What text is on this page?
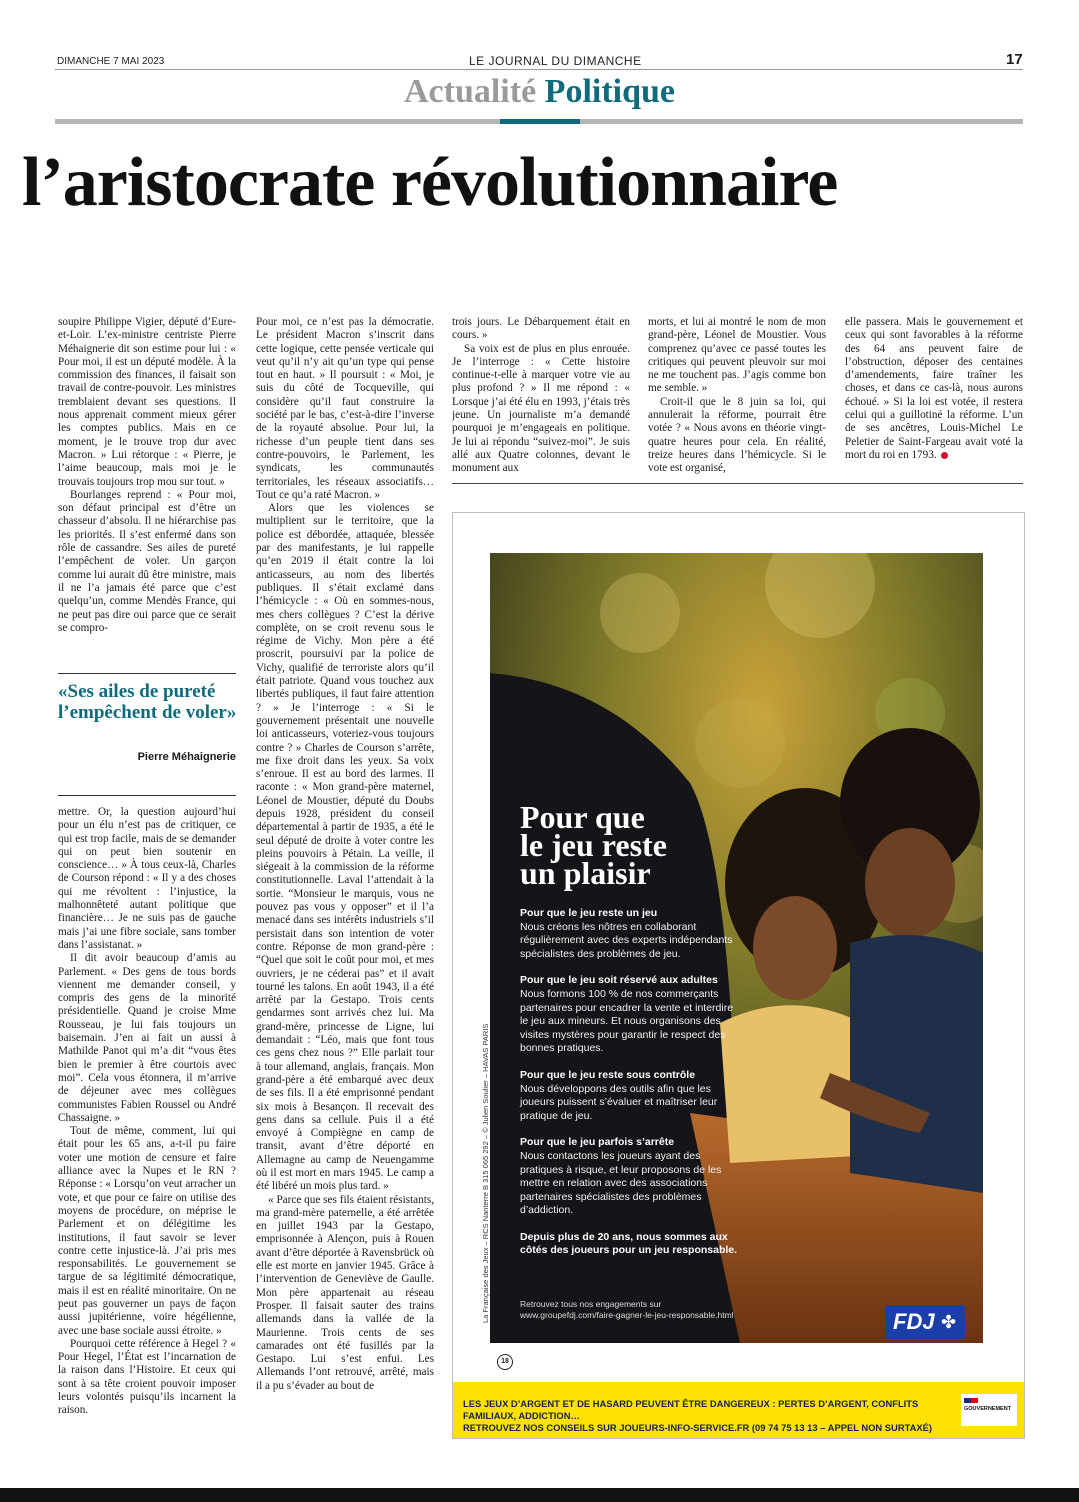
DIMANCHE 7 MAI 2023	LE JOURNAL DU DIMANCHE	17
Actualité Politique
l’aristocrate révolutionnaire

soupire Philippe Vigier, député d’Eure-et-Loir. L’ex-ministre centriste Pierre Méhaignerie dit son estime pour lui : « Pour moi, il est un député modèle. À la commission des finances, il faisait son travail de contre-pouvoir. Les ministres tremblaient devant ses questions. Il nous apprenait comment mieux gérer les comptes publics. Mais en ce moment, je le trouve trop dur avec Macron. » Lui rétorque : « Pierre, je l’aime beaucoup, mais moi je le trouvais toujours trop mou sur tout. »

Bourlanges reprend : « Pour moi, son défaut principal est d’être un chasseur d’absolu. Il ne hiérarchise pas les priorités. Il s’est enfermé dans son rôle de cassandre. Ses ailes de pureté l’empêchent de voler. Un garçon comme lui aurait dû être ministre, mais il ne l’a jamais été parce que c’est quelqu’un, comme Mendès France, qui ne peut pas dire oui parce que ce serait se compro-

«Ses ailes de pureté l’empêchent de voler»
Pierre Méhaignerie

mettre. Or, la question aujourd’hui pour un élu n’est pas de critiquer, ce qui est trop facile, mais de se demander qui on peut bien soutenir en conscience… » À tous ceux-là, Charles de Courson répond : « Il y a des choses qui me révoltent : l’injustice, la malhonnêteté autant politique que financière… Je ne suis pas de gauche mais j’ai une fibre sociale, sans tomber dans l’assistanat. »

Il dit avoir beaucoup d’amis au Parlement. « Des gens de tous bords viennent me demander conseil, y compris des gens de la minorité présidentielle. Quand je croise Mme Rousseau, je lui fais toujours un baisemain. J’en ai fait un aussi à Mathilde Panot qui m’a dit “vous êtes bien le premier à être courtois avec moi”. Cela vous étonnera, il m’arrive de déjeuner avec mes collègues communistes Fabien Roussel ou André Chassaigne. »

Tout de même, comment, lui qui était pour les 65 ans, a-t-il pu faire voter une motion de censure et faire alliance avec la Nupes et le RN ? Réponse : « Lorsqu’on veut arracher un vote, et que pour ce faire on utilise des moyens de procédure, on méprise le Parlement et on délégitime les institutions, il faut savoir se lever contre cette injustice-là. J’ai pris mes responsabilités. Le gouvernement se targue de sa légitimité démocratique, mais il est en réalité minoritaire. On ne peut pas gouverner un pays de façon aussi jupitérienne, voire hégélienne, avec une base sociale aussi étroite. »

Pourquoi cette référence à Hegel ? « Pour Hegel, l’État est l’incarnation de la raison dans l’Histoire. Et ceux qui sont à sa tête croient pouvoir imposer leurs volontés puisqu’ils incarnent la raison.

Pour moi, ce n’est pas la démocratie. Le président Macron s’inscrit dans cette logique, cette pensée verticale qui veut qu’il n’y ait qu’un type qui pense tout en haut. » Il poursuit : « Moi, je suis du côté de Tocqueville, qui considère qu’il faut construire la société par le bas, c’est-à-dire l’inverse de la royauté absolue. Pour lui, la richesse d’un peuple tient dans ses contre-pouvoirs, le Parlement, les syndicats, les communautés territoriales, les réseaux associatifs… Tout ce qu’a raté Macron. »

Alors que les violences se multiplient sur le territoire, que la police est débordée, attaquée, blessée par des manifestants, je lui rappelle qu’en 2019 il était contre la loi anticasseurs, au nom des libertés publiques. Il s’était exclamé dans l’hémicycle : « Où en sommes-nous, mes chers collègues ? C’est la dérive complète, on se croit revenu sous le régime de Vichy. Mon père a été proscrit, poursuivi par la police de Vichy, qualifié de terroriste alors qu’il était patriote. Quand vous touchez aux libertés publiques, il faut faire attention ? » Je l’interroge : « Si le gouvernement présentait une nouvelle loi anticasseurs, voteriez-vous toujours contre ? » Charles de Courson s’arrête, me fixe droit dans les yeux. Sa voix s’enroue. Il est au bord des larmes. Il raconte : « Mon grand-père maternel, Léonel de Moustier, député du Doubs depuis 1928, président du conseil départemental à partir de 1935, a été le seul député de droite à voter contre les pleins pouvoirs à Pétain. La veille, il siégeait à la commission de la réforme constitutionnelle. Laval l’attendait à la sortie. “Monsieur le marquis, vous ne pouvez pas vous y opposer” et il l’a menacé dans ses intérêts industriels s’il persistait dans son intention de voter contre. Réponse de mon grand-père : “Quel que soit le coût pour moi, et mes ouvriers, je ne céderai pas” et il avait tourné les talons. En août 1943, il a été arrêté par la Gestapo. Trois cents gendarmes sont arrivés chez lui. Ma grand-mère, princesse de Ligne, lui demandait : “Léo, mais que font tous ces gens chez nous ?” Elle parlait tour à tour allemand, anglais, français. Mon grand-père a été embarqué avec deux de ses fils. Il a été emprisonné pendant six mois à Besançon. Il recevait des gens dans sa cellule. Puis il a été envoyé à Compiègne en camp de transit, avant d’être déporté en Allemagne au camp de Neuengamme où il est mort en mars 1945. Le camp a été libéré un mois plus tard. »

« Parce que ses fils étaient résistants, ma grand-mère paternelle, a été arrêtée en juillet 1943 par la Gestapo, emprisonnée à Alençon, puis à Rouen avant d’être déportée à Ravensbrück où elle est morte en janvier 1945. Grâce à l’intervention de Geneviève de Gaulle. Mon père appartenait au réseau Prosper. Il faisait sauter des trains allemands dans la vallée de la Maurienne. Trois cents de ses camarades ont été fusillés par la Gestapo. Lui s’est enfui. Les Allemands l’ont retrouvé, arrêté, mais il a pu s’évader au bout de

trois jours. Le Débarquement était en cours. »

Sa voix est de plus en plus enrouée. Je l’interroge : « Cette histoire continue-t-elle à marquer votre vie au plus profond ? » Il me répond : « Lorsque j’ai été élu en 1993, j’étais très jeune. Un journaliste m’a demandé pourquoi je m’engageais en politique. Je lui ai répondu “suivez-moi”. Je suis allé aux Quatre colonnes, devant le monument aux

morts, et lui ai montré le nom de mon grand-père, Léonel de Moustier. Vous comprenez qu’avec ce passé toutes les critiques qui peuvent pleuvoir sur moi ne me touchent pas. J’agis comme bon me semble. »

Croit-il que le 8 juin sa loi, qui annulerait la réforme, pourrait être votée ? « Nous avons en théorie vingt-quatre heures pour cela. En réalité, treize heures dans l’hémicycle. Si le vote est organisé,

elle passera. Mais le gouvernement et ceux qui sont favorables à la réforme des 64 ans peuvent faire de l’obstruction, déposer des centaines d’amendements, faire traîner les choses, et dans ce cas-là, nous aurons échoué. » Si la loi est votée, il restera celui qui a guillotiné la réforme. L’un de ses ancêtres, Louis-Michel Le Peletier de Saint-Fargeau avait voté la mort du roi en 1793.

Pour que
le jeu reste
un plaisir
Pour que le jeu reste un jeu
Nous créons les nôtres en collaborant régulièrement avec des experts indépendants spécialistes des problèmes de jeu.
Pour que le jeu soit réservé aux adultes
Nous formons 100 % de nos commerçants partenaires pour encadrer la vente et interdire le jeu aux mineurs. Et nous organisons des visites mystères pour garantir le respect des bonnes pratiques.
Pour que le jeu reste sous contrôle
Nous développons des outils afin que les joueurs puissent s’évaluer et maîtriser leur pratique de jeu.
Pour que le jeu parfois s’arrête
Nous contactons les joueurs ayant des pratiques à risque, et leur proposons de les mettre en relation avec des associations partenaires spécialistes des problèmes d’addiction.
Depuis plus de 20 ans, nous sommes aux côtés des joueurs pour un jeu responsable.
Retrouvez tous nos engagements sur
www.groupefdj.com/faire-gagner-le-jeu-responsable.html	FDJ ✤
La Française des Jeux – RCS Nanterre B 315 065 292 – © Julien Soulier – HAVAS PARIS
18
LES JEUX D’ARGENT ET DE HASARD PEUVENT ÊTRE DANGEREUX : PERTES D’ARGENT, CONFLITS FAMILIAUX, ADDICTION…
RETROUVEZ NOS CONSEILS SUR JOUEURS-INFO-SERVICE.FR (09 74 75 13 13 – APPEL NON SURTAXÉ)
GOUVERNEMENT
